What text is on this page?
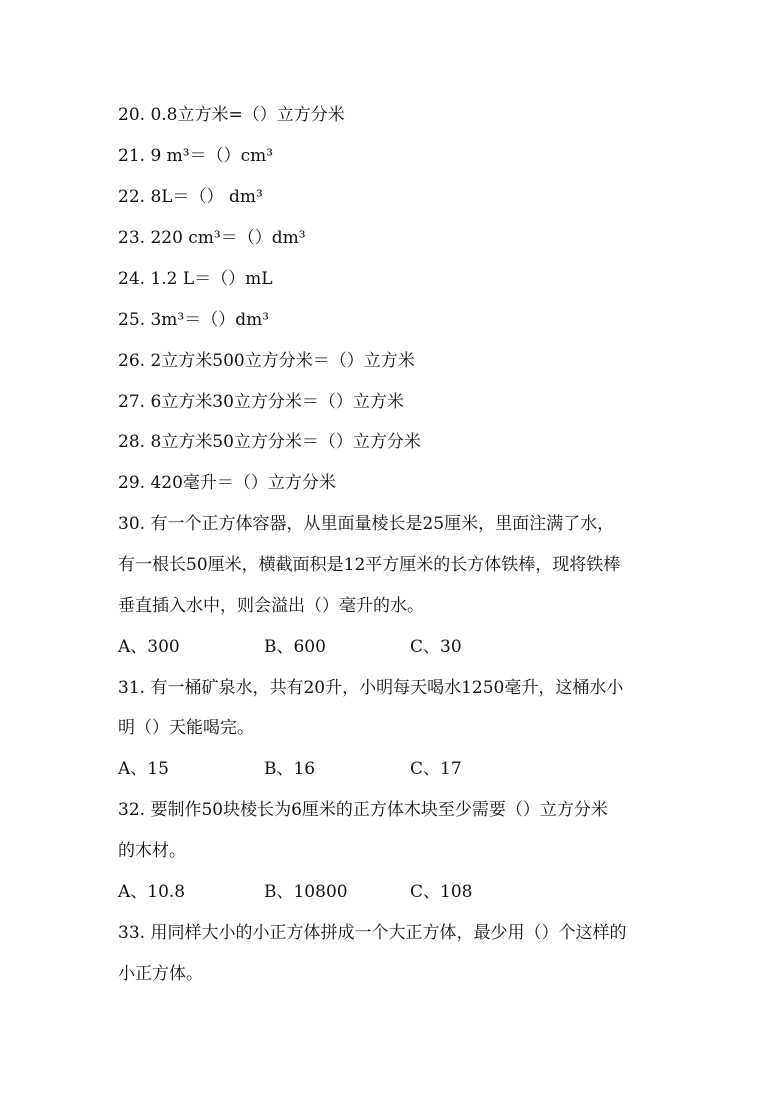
20. 0.8立方米=（）立方分米
21. 9 m³＝（）cm³
22. 8L＝（） dm³
23. 220 cm³＝（）dm³
24. 1.2 L＝（）mL
25. 3m³＝（）dm³
26. 2立方米500立方分米＝（）立方米
27. 6立方米30立方分米＝（）立方米
28. 8立方米50立方分米＝（）立方分米
29. 420毫升＝（）立方分米
30. 有一个正方体容器，从里面量棱长是25厘米，里面注满了水，
有一根长50厘米，横截面积是12平方厘米的长方体铁棒，现将铁棒
垂直插入水中，则会溢出（）毫升的水。
A、300	B、600	C、30
31. 有一桶矿泉水，共有20升，小明每天喝水1250毫升，这桶水小
明（）天能喝完。
A、15	B、16	C、17
32. 要制作50块棱长为6厘米的正方体木块至少需要（）立方分米
的木材。
A、10.8	B、10800	C、108
33. 用同样大小的小正方体拼成一个大正方体，最少用（）个这样的
小正方体。
